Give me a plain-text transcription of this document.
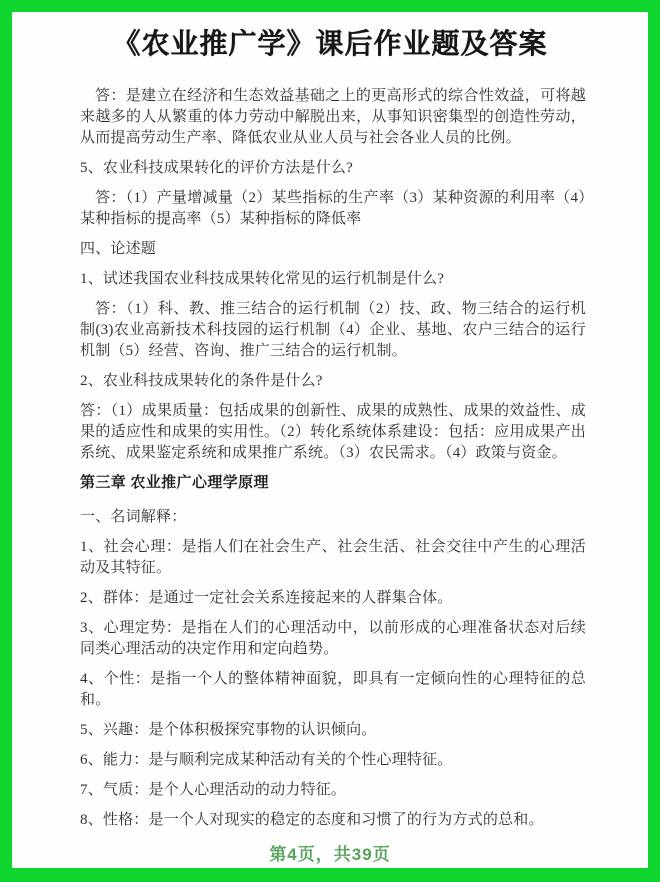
《农业推广学》课后作业题及答案

答：是建立在经济和生态效益基础之上的更高形式的综合性效益，可将越来越多的人从繁重的体力劳动中解脱出来，从事知识密集型的创造性劳动，从而提高劳动生产率、降低农业从业人员与社会各业人员的比例。

5、农业科技成果转化的评价方法是什么?

答：（1）产量增减量（2）某些指标的生产率（3）某种资源的利用率（4）某种指标的提高率（5）某种指标的降低率

四、论述题

1、试述我国农业科技成果转化常见的运行机制是什么?

答：（1）科、教、推三结合的运行机制（2）技、政、物三结合的运行机制(3)农业高新技术科技园的运行机制（4）企业、基地、农户三结合的运行机制（5）经营、咨询、推广三结合的运行机制。

2、农业科技成果转化的条件是什么?

答：（1）成果质量：包括成果的创新性、成果的成熟性、成果的效益性、成果的适应性和成果的实用性。（2）转化系统体系建设：包括：应用成果产出系统、成果鉴定系统和成果推广系统。（3）农民需求。（4）政策与资金。

第三章 农业推广心理学原理

一、名词解释：

1、社会心理：是指人们在社会生产、社会生活、社会交往中产生的心理活动及其特征。

2、群体：是通过一定社会关系连接起来的人群集合体。

3、心理定势：是指在人们的心理活动中，以前形成的心理准备状态对后续同类心理活动的决定作用和定向趋势。

4、个性：是指一个人的整体精神面貌，即具有一定倾向性的心理特征的总和。

5、兴趣：是个体积极探究事物的认识倾向。

6、能力：是与顺利完成某种活动有关的个性心理特征。

7、气质：是个人心理活动的动力特征。

8、性格：是一个人对现实的稳定的态度和习惯了的行为方式的总和。

第4页，共39页
